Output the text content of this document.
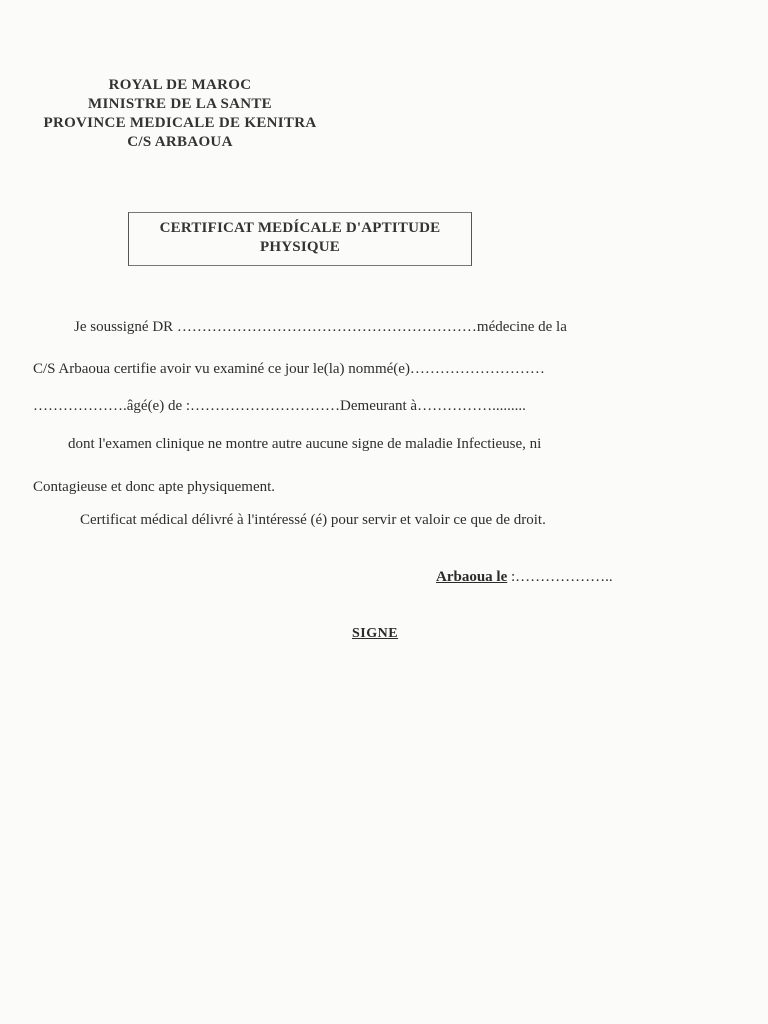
ROYAL DE MAROC
MINISTRE DE LA SANTE
PROVINCE MEDICALE DE KENITRA
C/S ARBAOUA
CERTIFICAT MEDÍCALE D'APTITUDE
PHYSIQUE
Je soussigné DR ……………………………………………………médecine de la
C/S Arbaoua certifie avoir vu examiné ce jour le(la) nommé(e)………………………
……………….âgé(e) de :…………………………Demeurant à…………….........
dont l'examen clinique ne montre autre aucune signe de maladie Infectieuse, ni
Contagieuse et donc apte physiquement.
Certificat médical délivré à l'intéressé (é) pour servir et valoir ce que de droit.
Arbaoua le :………………..
SIGNE
